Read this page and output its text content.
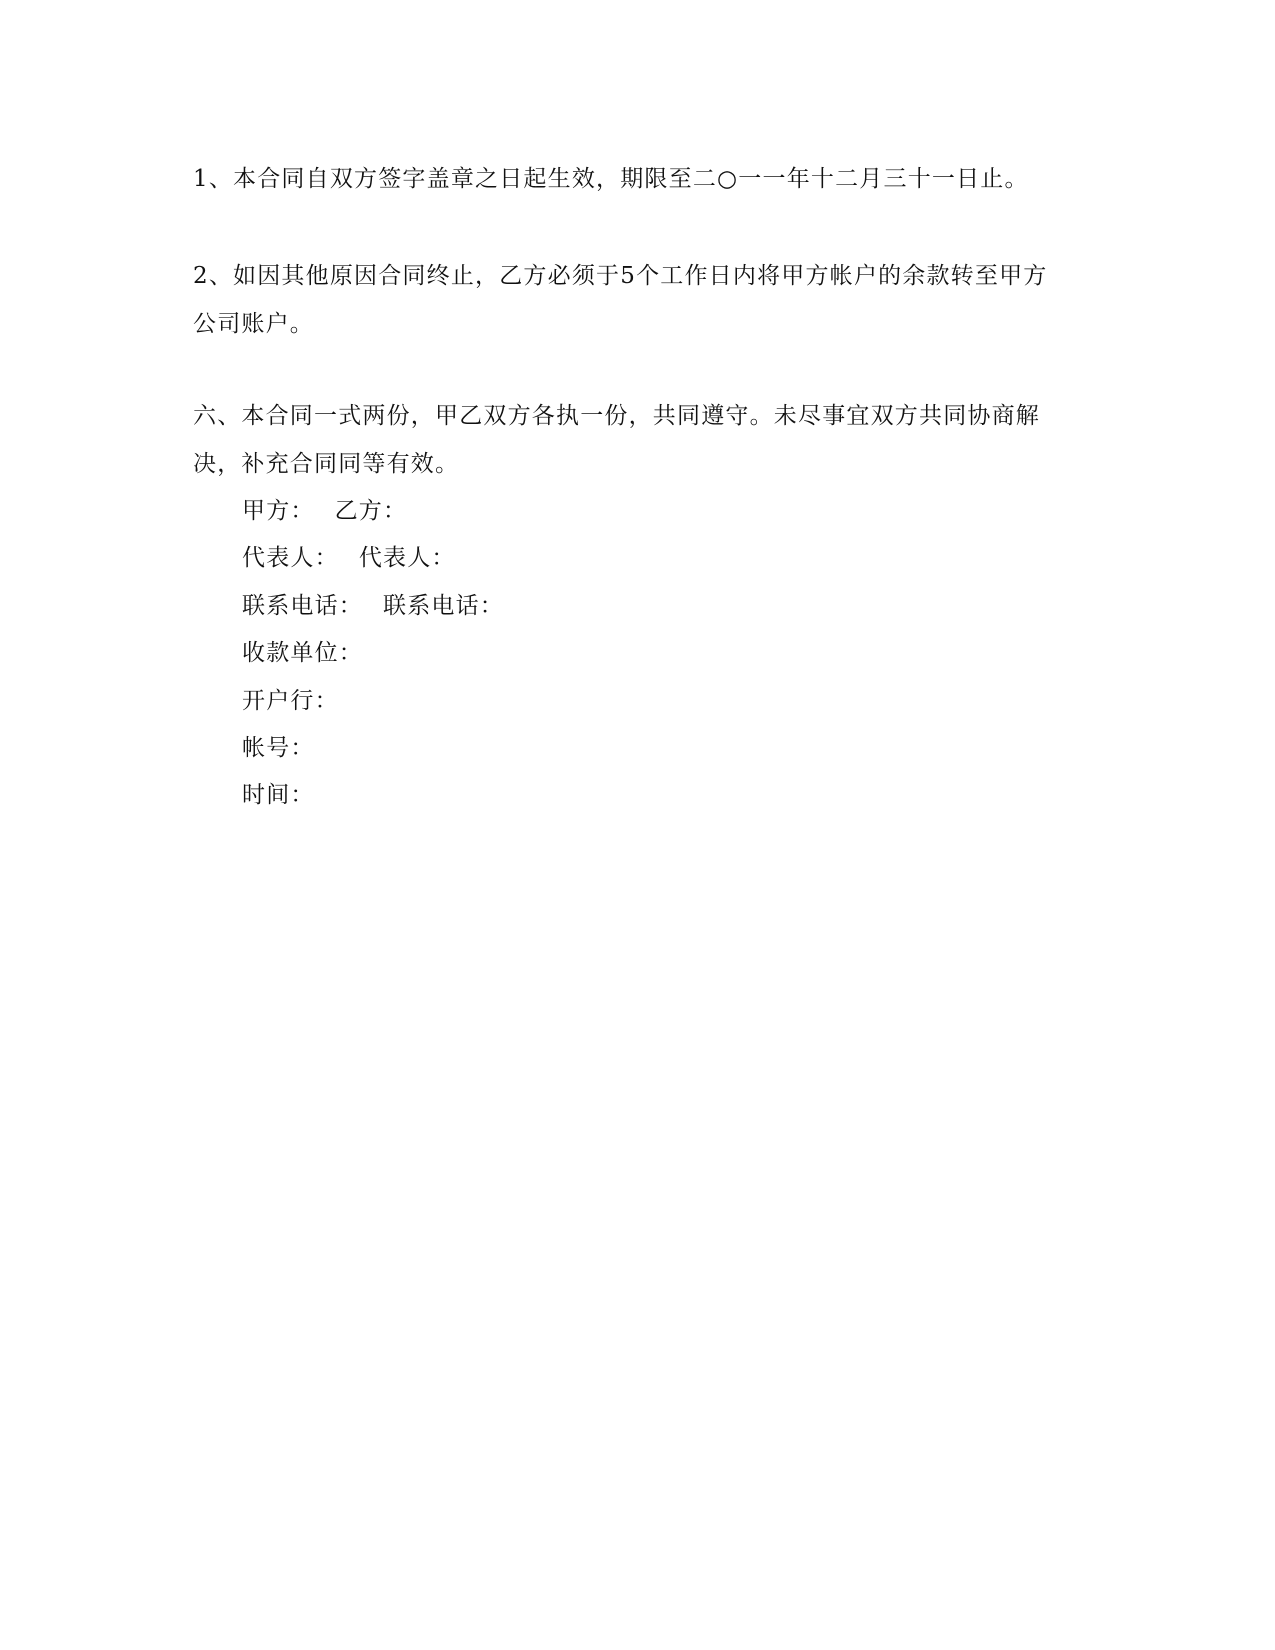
1、本合同自双方签字盖章之日起生效，期限至二○一一年十二月三十一日止。
2、如因其他原因合同终止，乙方必须于5个工作日内将甲方帐户的余款转至甲方
公司账户。
六、本合同一式两份，甲乙双方各执一份，共同遵守。未尽事宜双方共同协商解
决，补充合同同等有效。
甲方： 乙方：
代表人： 代表人：
联系电话： 联系电话：
收款单位：
开户行：
帐号：
时间：
